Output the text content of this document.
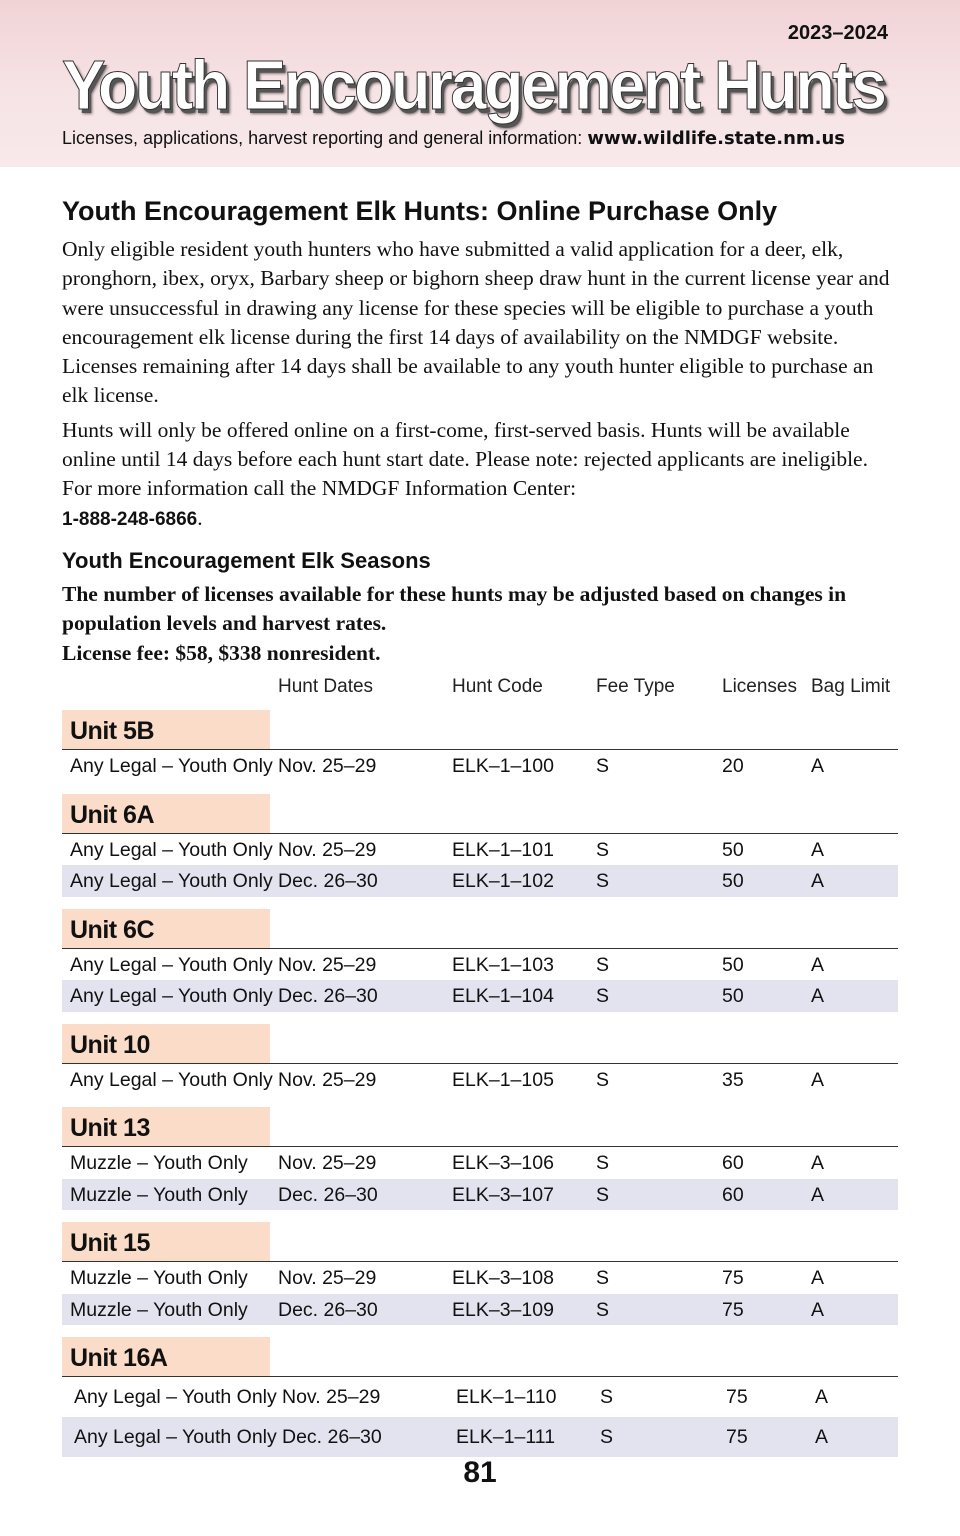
2023–2024
Youth Encouragement Hunts
Licenses, applications, harvest reporting and general information: www.wildlife.state.nm.us
Youth Encouragement Elk Hunts: Online Purchase Only

Only eligible resident youth hunters who have submitted a valid application for a deer, elk, pronghorn, ibex, oryx, Barbary sheep or bighorn sheep draw hunt in the current license year and were unsuccessful in drawing any license for these species will be eligible to purchase a youth encouragement elk license during the first 14 days of availability on the NMDGF website. Licenses remaining after 14 days shall be available to any youth hunter eligible to purchase an elk license.

Hunts will only be offered online on a first-come, first-served basis. Hunts will be available online until 14 days before each hunt start date. Please note: rejected applicants are ineligible. For more information call the NMDGF Information Center:
1-888-248-6866.

Youth Encouragement Elk Seasons

The number of licenses available for these hunts may be adjusted based on changes in population levels and harvest rates.

License fee: $58, $338 nonresident.

Hunt Dates	Hunt Code	Fee Type Licenses Bag Limit
Unit 5B
Any Legal – Youth Only Nov. 25–29	ELK–1–100 S	20	A
Unit 6A
Any Legal – Youth Only Nov. 25–29	ELK–1–101 S	50	A
Any Legal – Youth Only Dec. 26–30	ELK–1–102 S	50	A
Unit 6C
Any Legal – Youth Only Nov. 25–29	ELK–1–103 S	50	A
Any Legal – Youth Only Dec. 26–30	ELK–1–104 S	50	A
Unit 10
Any Legal – Youth Only Nov. 25–29	ELK–1–105 S	35	A
Unit 13
Muzzle – Youth Only Nov. 25–29	ELK–3–106 S	60	A
Muzzle – Youth Only Dec. 26–30	ELK–3–107 S	60	A
Unit 15
Muzzle – Youth Only Nov. 25–29	ELK–3–108 S	75	A
Muzzle – Youth Only Dec. 26–30	ELK–3–109 S	75	A
Unit 16A
Any Legal – Youth Only Nov. 25–29	ELK–1–110 S	75	A
Any Legal – Youth Only Dec. 26–30	ELK–1–111 S	75	A
81
